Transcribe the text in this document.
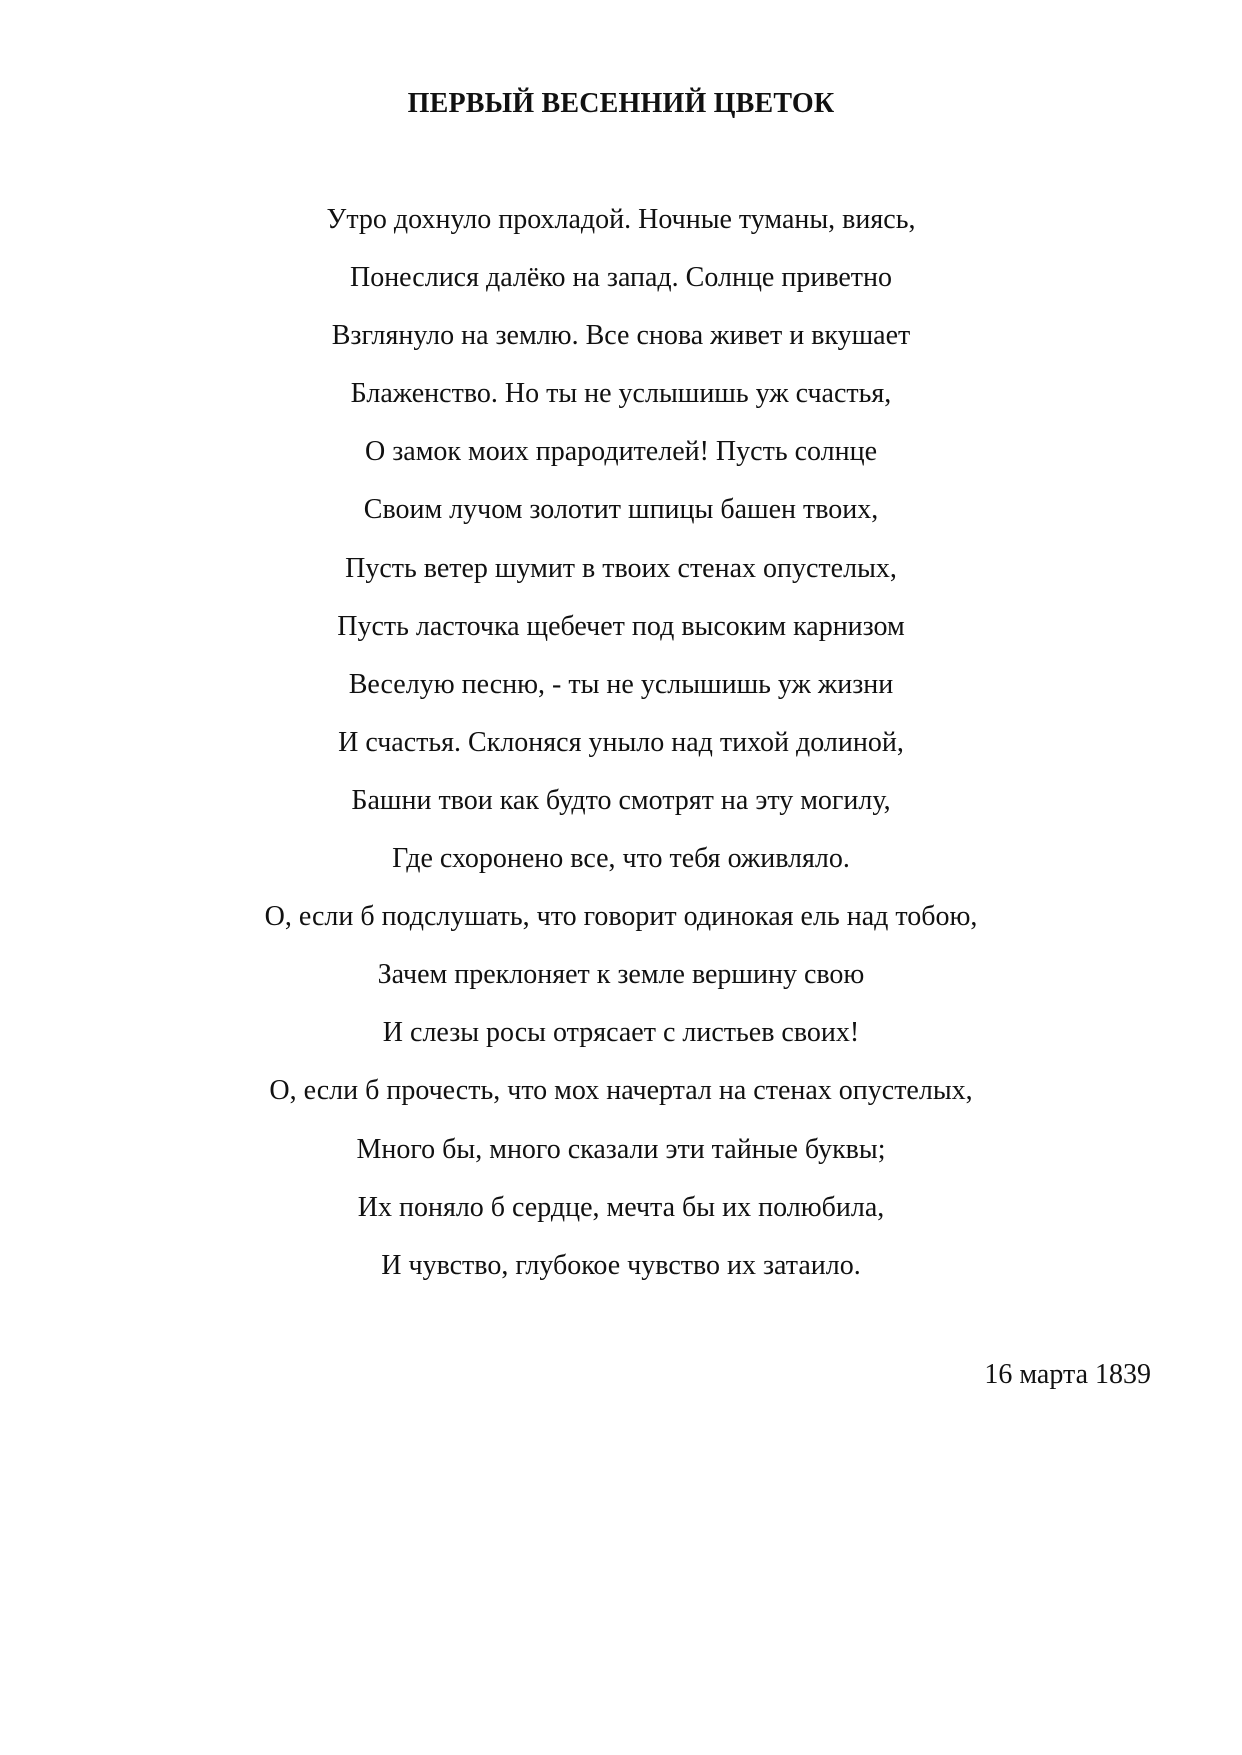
ПЕРВЫЙ ВЕСЕННИЙ ЦВЕТОК
Утро дохнуло прохладой. Ночные туманы, виясь,
Понеслися далёко на запад. Солнце приветно
Взглянуло на землю. Все снова живет и вкушает
Блаженство. Но ты не услышишь уж счастья,
О замок моих прародителей! Пусть солнце
Своим лучом золотит шпицы башен твоих,
Пусть ветер шумит в твоих стенах опустелых,
Пусть ласточка щебечет под высоким карнизом
Веселую песню, - ты не услышишь уж жизни
И счастья. Склоняся уныло над тихой долиной,
Башни твои как будто смотрят на эту могилу,
Где схоронено все, что тебя оживляло.
О, если б подслушать, что говорит одинокая ель над тобою,
Зачем преклоняет к земле вершину свою
И слезы росы отрясает с листьев своих!
О, если б прочесть, что мох начертал на стенах опустелых,
Много бы, много сказали эти тайные буквы;
Их поняло б сердце, мечта бы их полюбила,
И чувство, глубокое чувство их затаило.
16 марта 1839
